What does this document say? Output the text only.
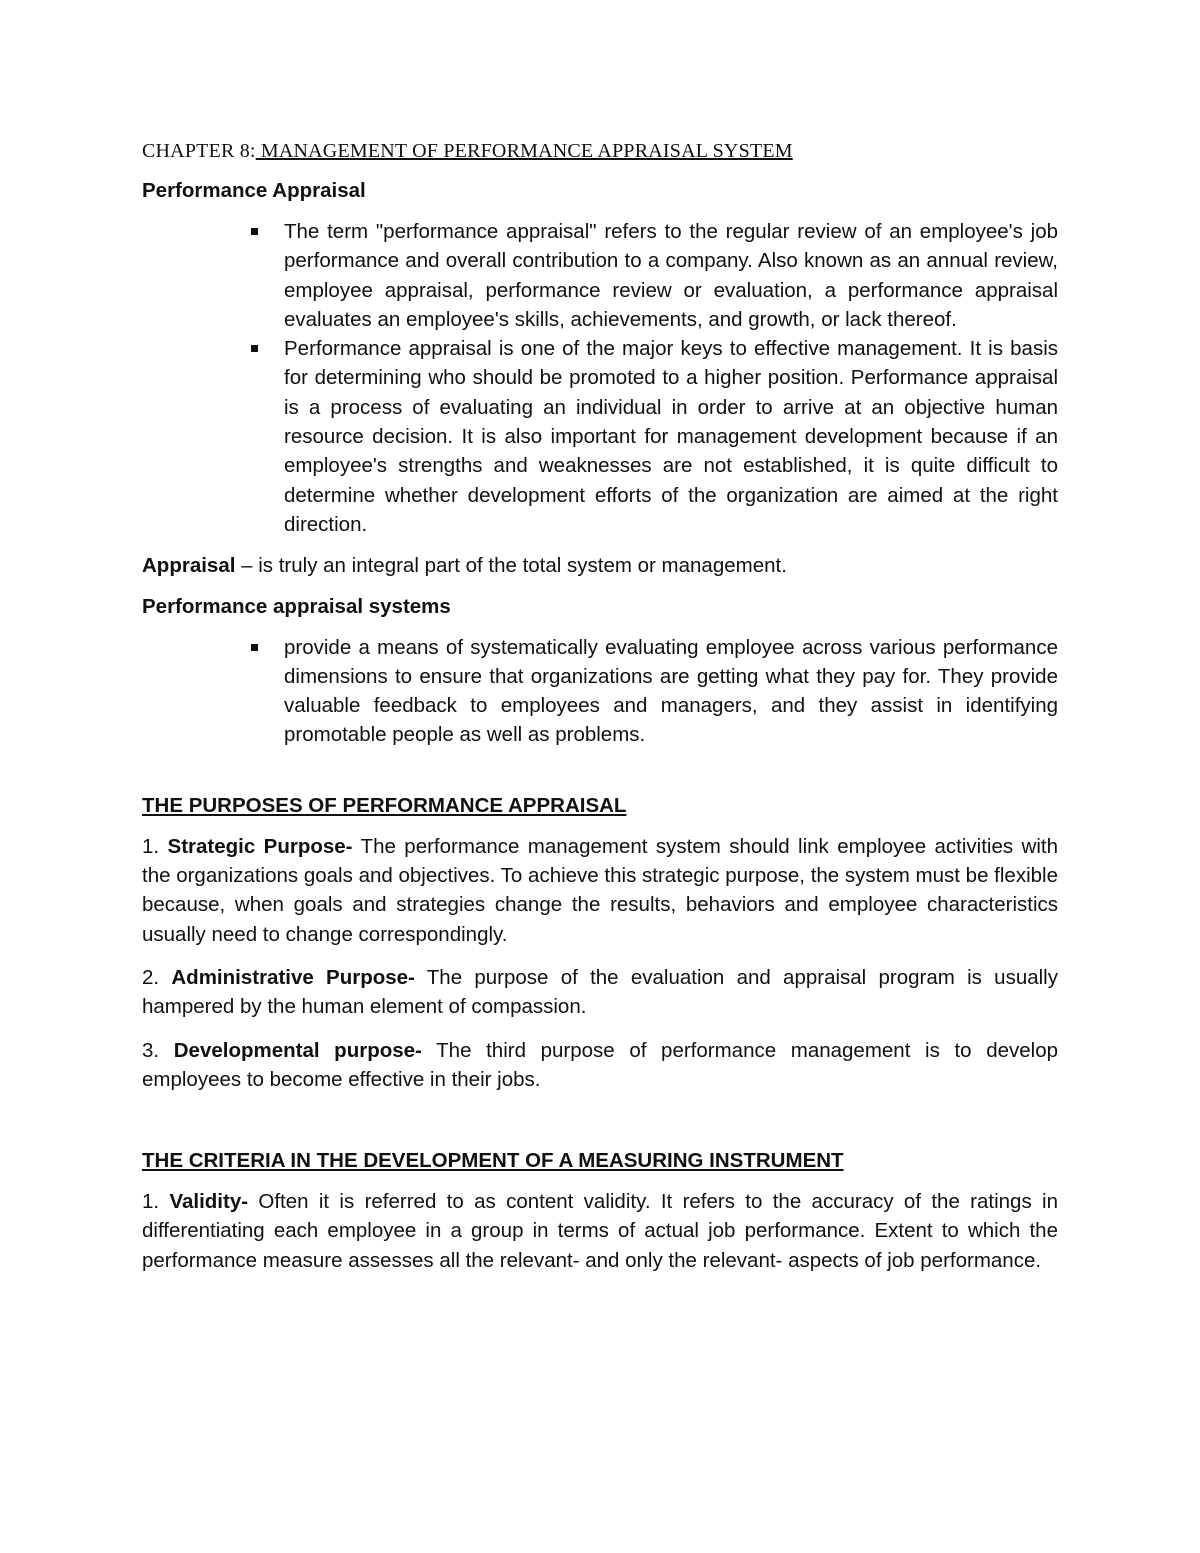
CHAPTER 8: MANAGEMENT OF PERFORMANCE APPRAISAL SYSTEM
Performance Appraisal
The term "performance appraisal" refers to the regular review of an employee's job performance and overall contribution to a company. Also known as an annual review, employee appraisal, performance review or evaluation, a performance appraisal evaluates an employee's skills, achievements, and growth, or lack thereof.
Performance appraisal is one of the major keys to effective management. It is basis for determining who should be promoted to a higher position. Performance appraisal is a process of evaluating an individual in order to arrive at an objective human resource decision. It is also important for management development because if an employee's strengths and weaknesses are not established, it is quite difficult to determine whether development efforts of the organization are aimed at the right direction.

Appraisal – is truly an integral part of the total system or management.

Performance appraisal systems
provide a means of systematically evaluating employee across various performance dimensions to ensure that organizations are getting what they pay for. They provide valuable feedback to employees and managers, and they assist in identifying promotable people as well as problems.
THE PURPOSES OF PERFORMANCE APPRAISAL

1. Strategic Purpose- The performance management system should link employee activities with the organizations goals and objectives. To achieve this strategic purpose, the system must be flexible because, when goals and strategies change the results, behaviors and employee characteristics usually need to change correspondingly.

2. Administrative Purpose- The purpose of the evaluation and appraisal program is usually hampered by the human element of compassion.

3. Developmental purpose- The third purpose of performance management is to develop employees to become effective in their jobs.

THE CRITERIA IN THE DEVELOPMENT OF A MEASURING INSTRUMENT

1. Validity- Often it is referred to as content validity. It refers to the accuracy of the ratings in differentiating each employee in a group in terms of actual job performance. Extent to which the performance measure assesses all the relevant- and only the relevant- aspects of job performance.
